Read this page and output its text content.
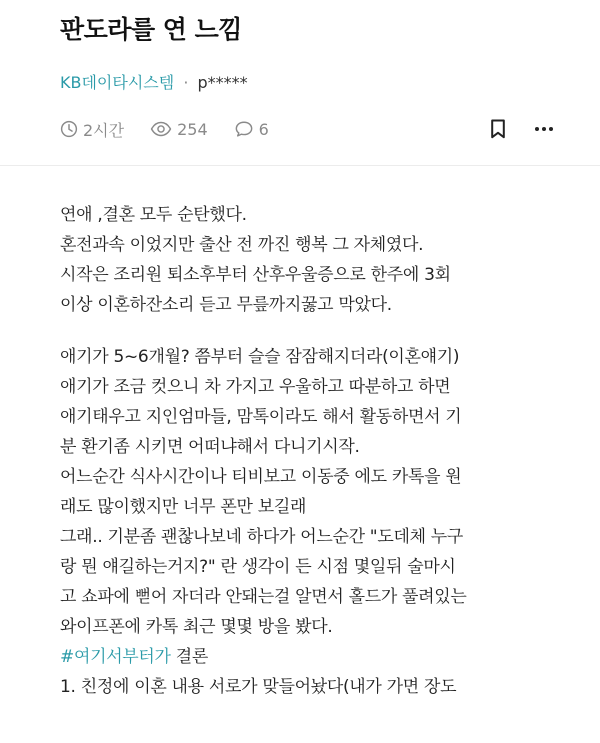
판도라를 연 느낌
KB데이타시스템 · p*****
2시간	254	6

연애 ,결혼 모두 순탄했다.
혼전과속 이었지만 출산 전 까진 행복 그 자체였다.
시작은 조리원 퇴소후부터 산후우울증으로 한주에 3회
이상 이혼하잔소리 듣고 무릎까지꿇고 막았다.

애기가 5~6개월? 쯤부터 슬슬 잠잠해지더라(이혼얘기)
애기가 조금 컷으니 차 가지고 우울하고 따분하고 하면
애기태우고 지인엄마들, 맘톡이라도 해서 활동하면서 기
분 환기좀 시키면 어떠냐해서 다니기시작.
어느순간 식사시간이나 티비보고 이동중 에도 카톡을 원
래도 많이했지만 너무 폰만 보길래
그래.. 기분좀 괜찮나보네 하다가 어느순간 "도데체 누구
랑 뭔 얘길하는거지?" 란 생각이 든 시점 몇일뒤 술마시
고 쇼파에 뻗어 자더라 안돼는걸 알면서 홀드가 풀려있는
와이프폰에 카톡 최근 몇몇 방을 봤다.
#여기서부터가 결론
1. 친정에 이혼 내용 서로가 맞들어놨다(내가 가면 장도
